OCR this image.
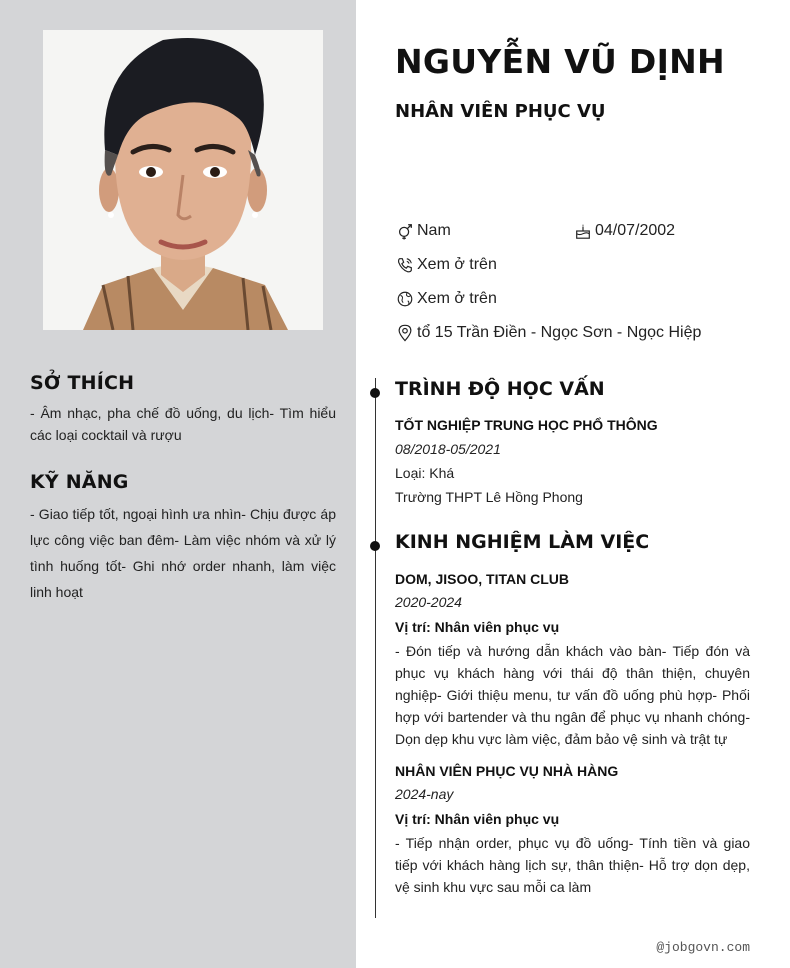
SỞ THÍCH
- Âm nhạc, pha chế đồ uống, du lịch- Tìm hiểu các loại cocktail và rượu
KỸ NĂNG
- Giao tiếp tốt, ngoại hình ưa nhìn- Chịu được áp lực công việc ban đêm- Làm việc nhóm và xử lý tình huống tốt- Ghi nhớ order nhanh, làm việc linh hoạt
NGUYỄN VŨ DỊNH
NHÂN VIÊN PHỤC VỤ
Nam	04/07/2002
Xem ở trên
Xem ở trên
tổ 15 Trần Điền - Ngọc Sơn - Ngọc Hiệp
TRÌNH ĐỘ HỌC VẤN
TỐT NGHIỆP TRUNG HỌC PHỔ THÔNG
08/2018-05/2021
Loại: Khá
Trường THPT Lê Hồng Phong
KINH NGHIỆM LÀM VIỆC
DOM, JISOO, TITAN CLUB
2020-2024
Vị trí: Nhân viên phục vụ
- Đón tiếp và hướng dẫn khách vào bàn- Tiếp đón và phục vụ khách hàng với thái độ thân thiện, chuyên nghiệp- Giới thiệu menu, tư vấn đồ uống phù hợp- Phối hợp với bartender và thu ngân để phục vụ nhanh chóng- Dọn dẹp khu vực làm việc, đảm bảo vệ sinh và trật tự
NHÂN VIÊN PHỤC VỤ NHÀ HÀNG
2024-nay
Vị trí: Nhân viên phục vụ
- Tiếp nhận order, phục vụ đồ uống- Tính tiền và giao tiếp với khách hàng lịch sự, thân thiện- Hỗ trợ dọn dẹp, vệ sinh khu vực sau mỗi ca làm
@jobgovn.com
